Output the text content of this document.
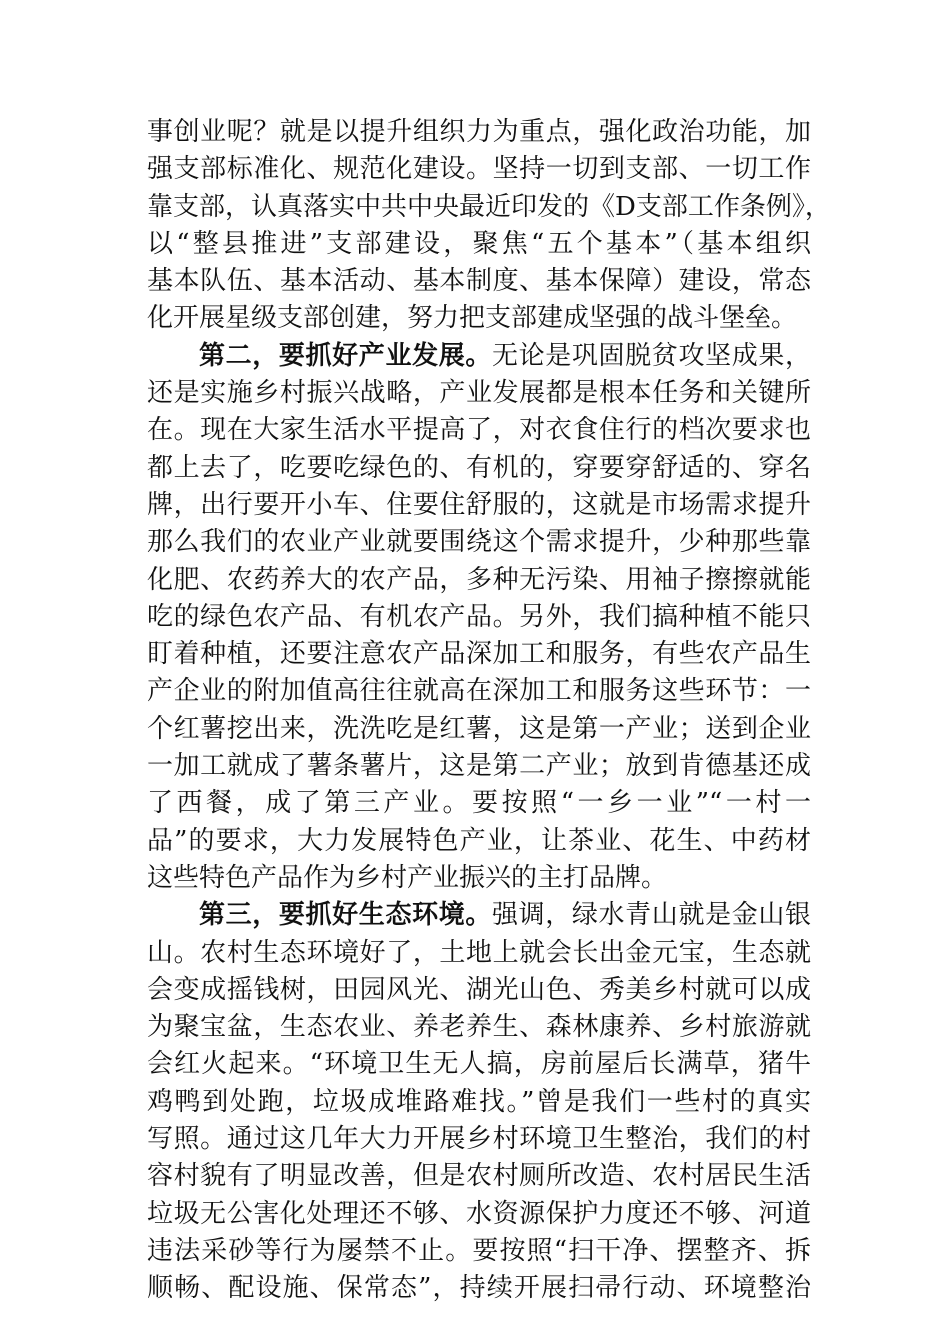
事创业呢？就是以提升组织力为重点，强化政治功能，加
强支部标准化、规范化建设。坚持一切到支部、一切工作
靠支部，认真落实中共中央最近印发的《D支部工作条例》，
以“整县推进”支部建设，聚焦“五个基本”（基本组织
基本队伍、基本活动、基本制度、基本保障）建设，常态
化开展星级支部创建，努力把支部建成坚强的战斗堡垒。
第二，要抓好产业发展。无论是巩固脱贫攻坚成果，
还是实施乡村振兴战略，产业发展都是根本任务和关键所
在。现在大家生活水平提高了，对衣食住行的档次要求也
都上去了，吃要吃绿色的、有机的，穿要穿舒适的、穿名
牌，出行要开小车、住要住舒服的，这就是市场需求提升
那么我们的农业产业就要围绕这个需求提升，少种那些靠
化肥、农药养大的农产品，多种无污染、用袖子擦擦就能
吃的绿色农产品、有机农产品。另外，我们搞种植不能只
盯着种植，还要注意农产品深加工和服务，有些农产品生
产企业的附加值高往往就高在深加工和服务这些环节：一
个红薯挖出来，洗洗吃是红薯，这是第一产业；送到企业
一加工就成了薯条薯片，这是第二产业；放到肯德基还成
了西餐，成了第三产业。要按照“一乡一业”“一村一
品”的要求，大力发展特色产业，让茶业、花生、中药材
这些特色产品作为乡村产业振兴的主打品牌。
第三，要抓好生态环境。强调，绿水青山就是金山银
山。农村生态环境好了，土地上就会长出金元宝，生态就
会变成摇钱树，田园风光、湖光山色、秀美乡村就可以成
为聚宝盆，生态农业、养老养生、森林康养、乡村旅游就
会红火起来。“环境卫生无人搞，房前屋后长满草，猪牛
鸡鸭到处跑，垃圾成堆路难找。”曾是我们一些村的真实
写照。通过这几年大力开展乡村环境卫生整治，我们的村
容村貌有了明显改善，但是农村厕所改造、农村居民生活
垃圾无公害化处理还不够、水资源保护力度还不够、河道
违法采砂等行为屡禁不止。要按照“扫干净、摆整齐、拆
顺畅、配设施、保常态”，持续开展扫帚行动、环境整治
